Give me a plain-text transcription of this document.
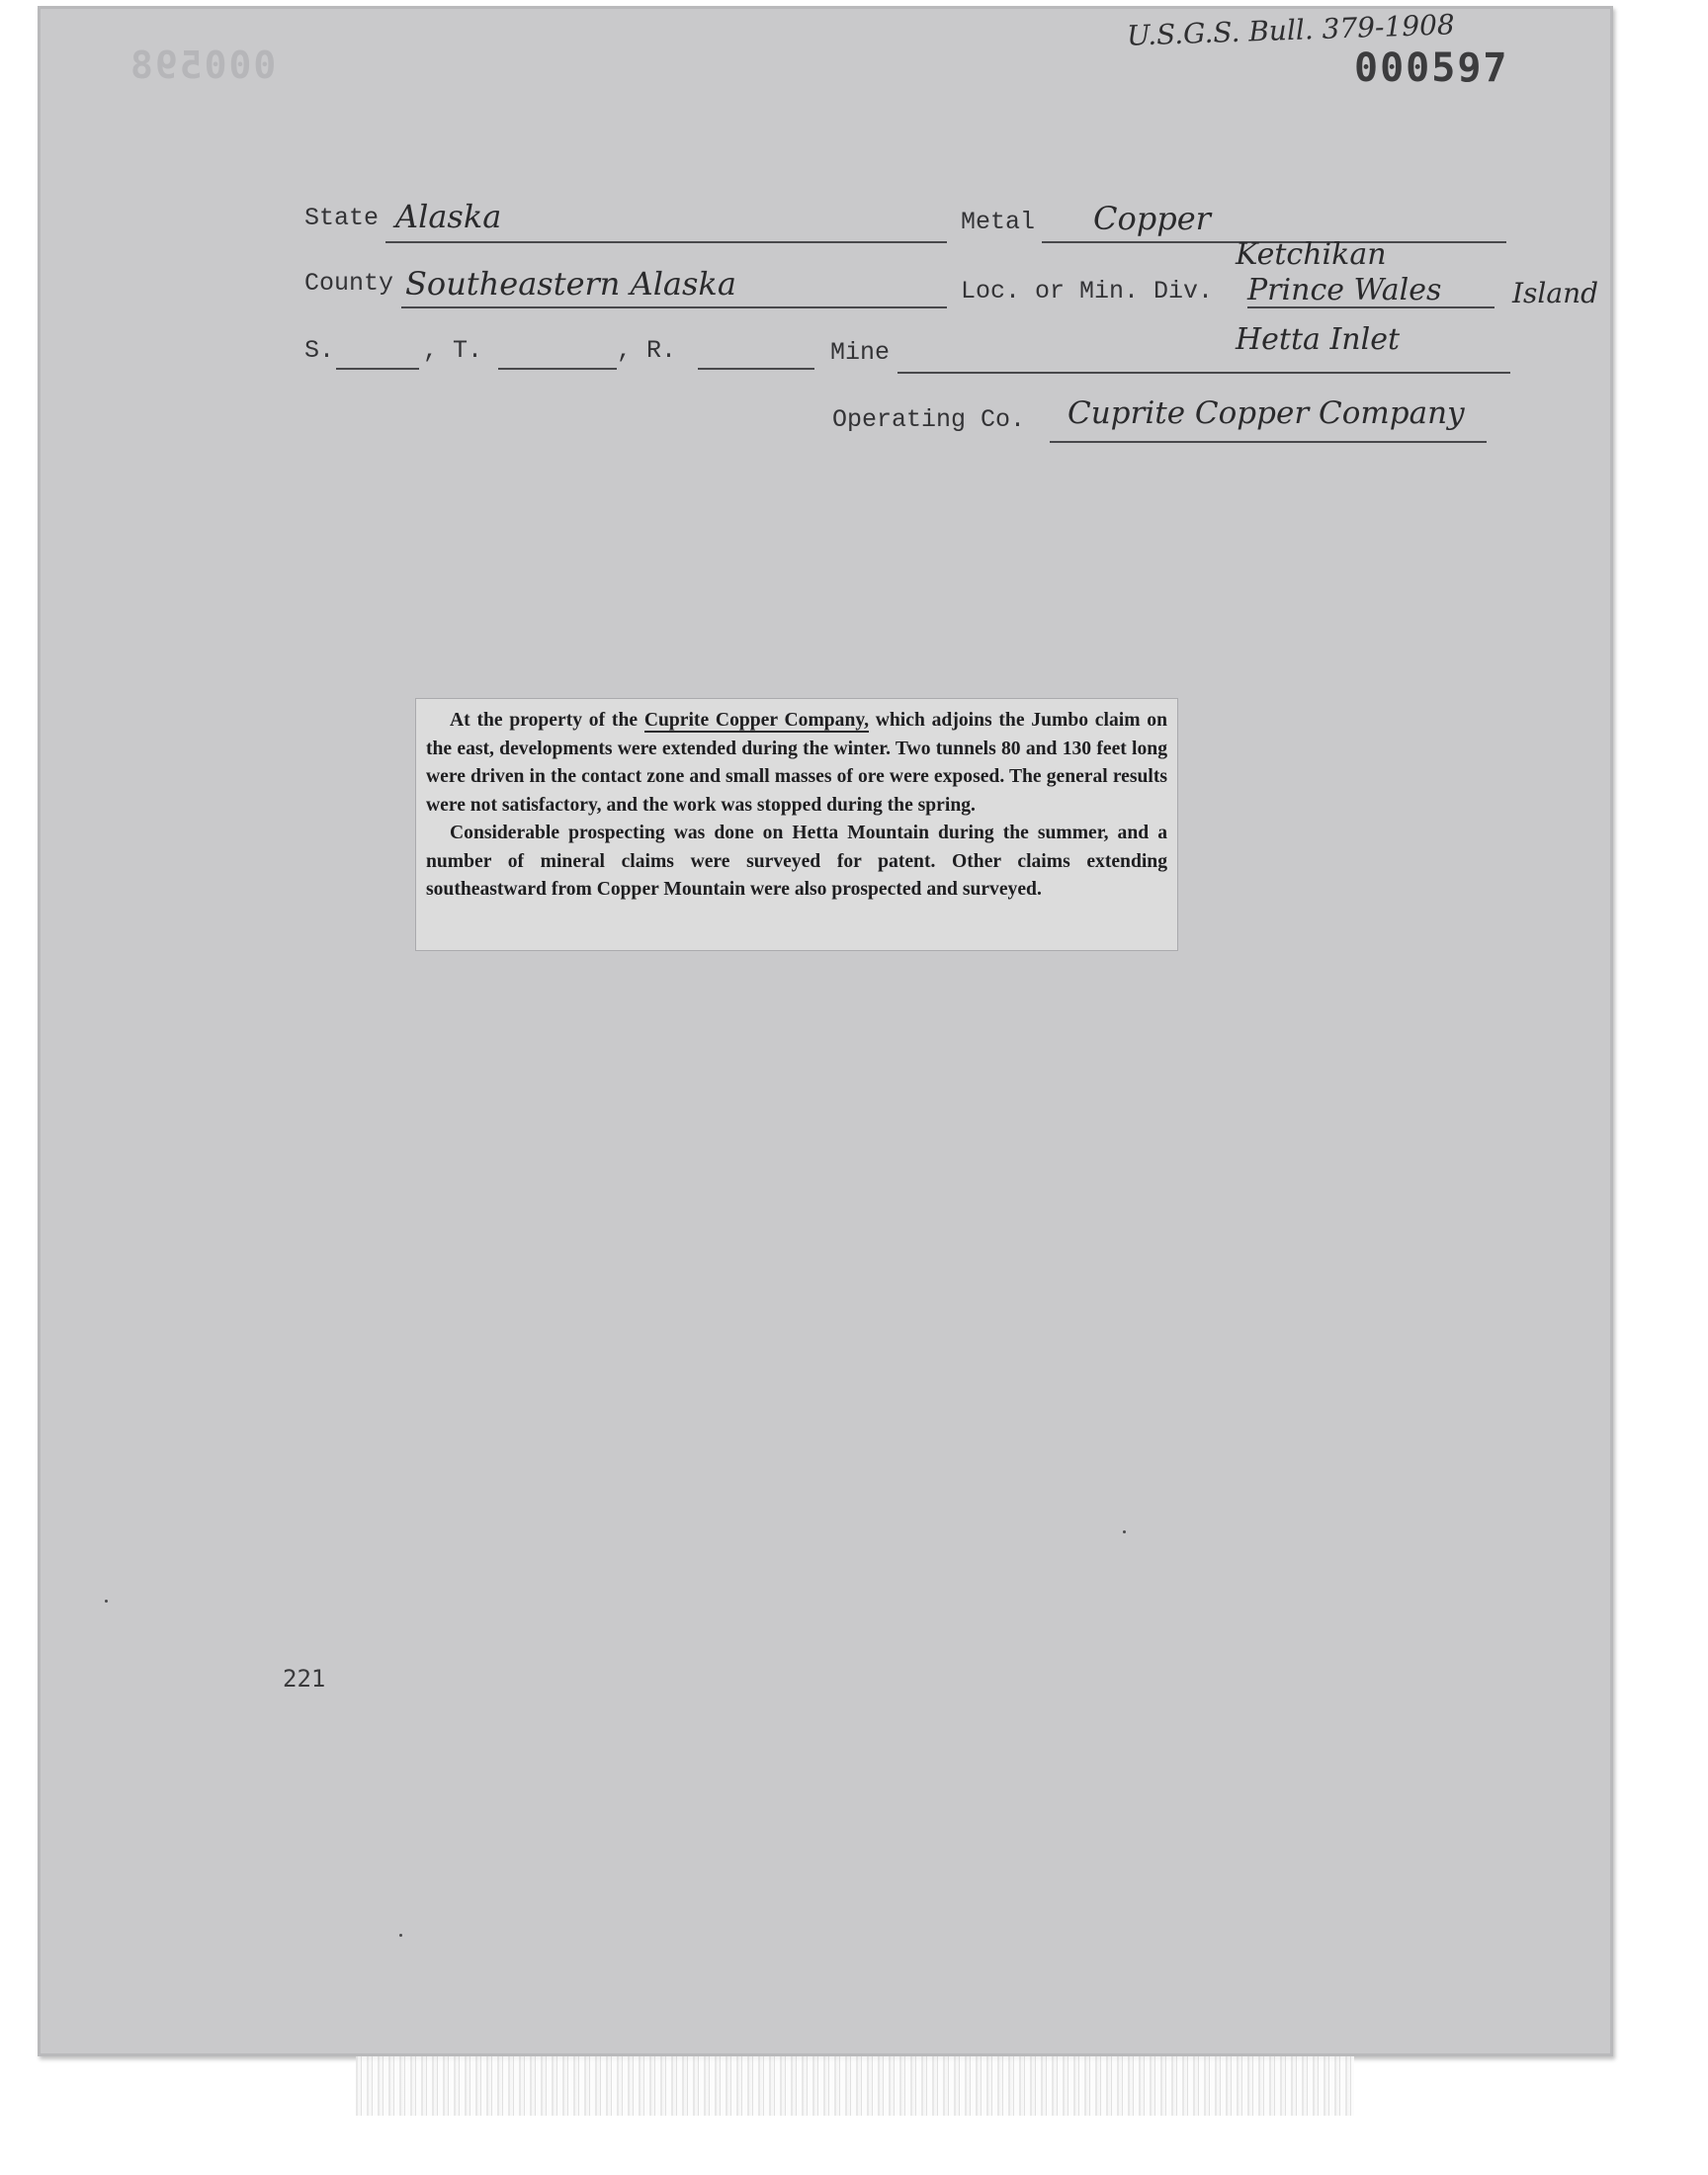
000598
U.S.G.S. Bull. 379-1908
000597
State Alaska	Metal Copper
County Southeastern Alaska	Loc. or Min. Div.
Ketchikan
Prince Wales	Island
S.	, T.	, R.	Mine	Hetta Inlet
Operating Co. Cuprite Copper Company

At the property of the Cuprite Copper Company, which adjoins the Jumbo claim on the east, developments were extended during the winter. Two tunnels 80 and 130 feet long were driven in the contact zone and small masses of ore were exposed. The general results were not satisfactory, and the work was stopped during the spring.

Considerable prospecting was done on Hetta Mountain during the summer, and a number of mineral claims were surveyed for patent. Other claims extending southeastward from Copper Mountain were also prospected and surveyed.

221
